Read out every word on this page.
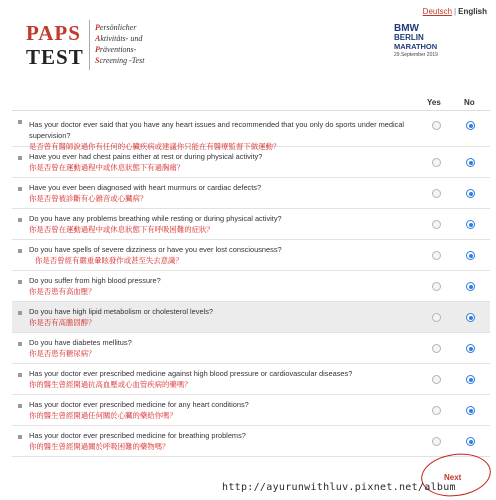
Deutsch | English
PAPS
TEST
Persönlicher
Aktivitäts- und
Präventions-
Screening -Test
BMW
BERLIN
MARATHON
29.September 2019
Yes	No
Has your doctor ever said that you have any heart issues and recommended that you only do sports under medical supervision?
是否曾有醫師說過你有任何的心臟疾病或建議你只能在有醫療監督下做運動？
Have you ever had chest pains either at rest or during physical activity?
你是否曾在運動過程中或休息狀態下有過胸痛？
Have you ever been diagnosed with heart murmurs or cardiac defects?
你是否曾被診斷有心雜音或心臟病？
Do you have any problems breathing while resting or during physical activity?
你是否曾在運動過程中或休息狀態下有呼吸困難的症狀？
Do you have spells of severe dizziness or have you ever lost consciousness?
你是否曾經有嚴重暈眩發作或甚至失去意識？
Do you suffer from high blood pressure?
你是否患有高血壓？
Do you have high lipid metabolism or cholesterol levels?
你是否有高膽固醇？
Do you have diabetes mellitus?
你是否患有糖尿病？
Has your doctor ever prescribed medicine against high blood pressure or cardiovascular diseases?
你的醫生曾經開過抗高血壓或心血管疾病的藥嗎？
Has your doctor ever prescribed medicine for any heart conditions?
你的醫生曾經開過任何關於心臟的藥給你嗎？
Has your doctor ever prescribed medicine for breathing problems?
你的醫生曾經開過關於呼吸困難的藥物嗎？
Next
http://ayurunwithluv.pixnet.net/album
